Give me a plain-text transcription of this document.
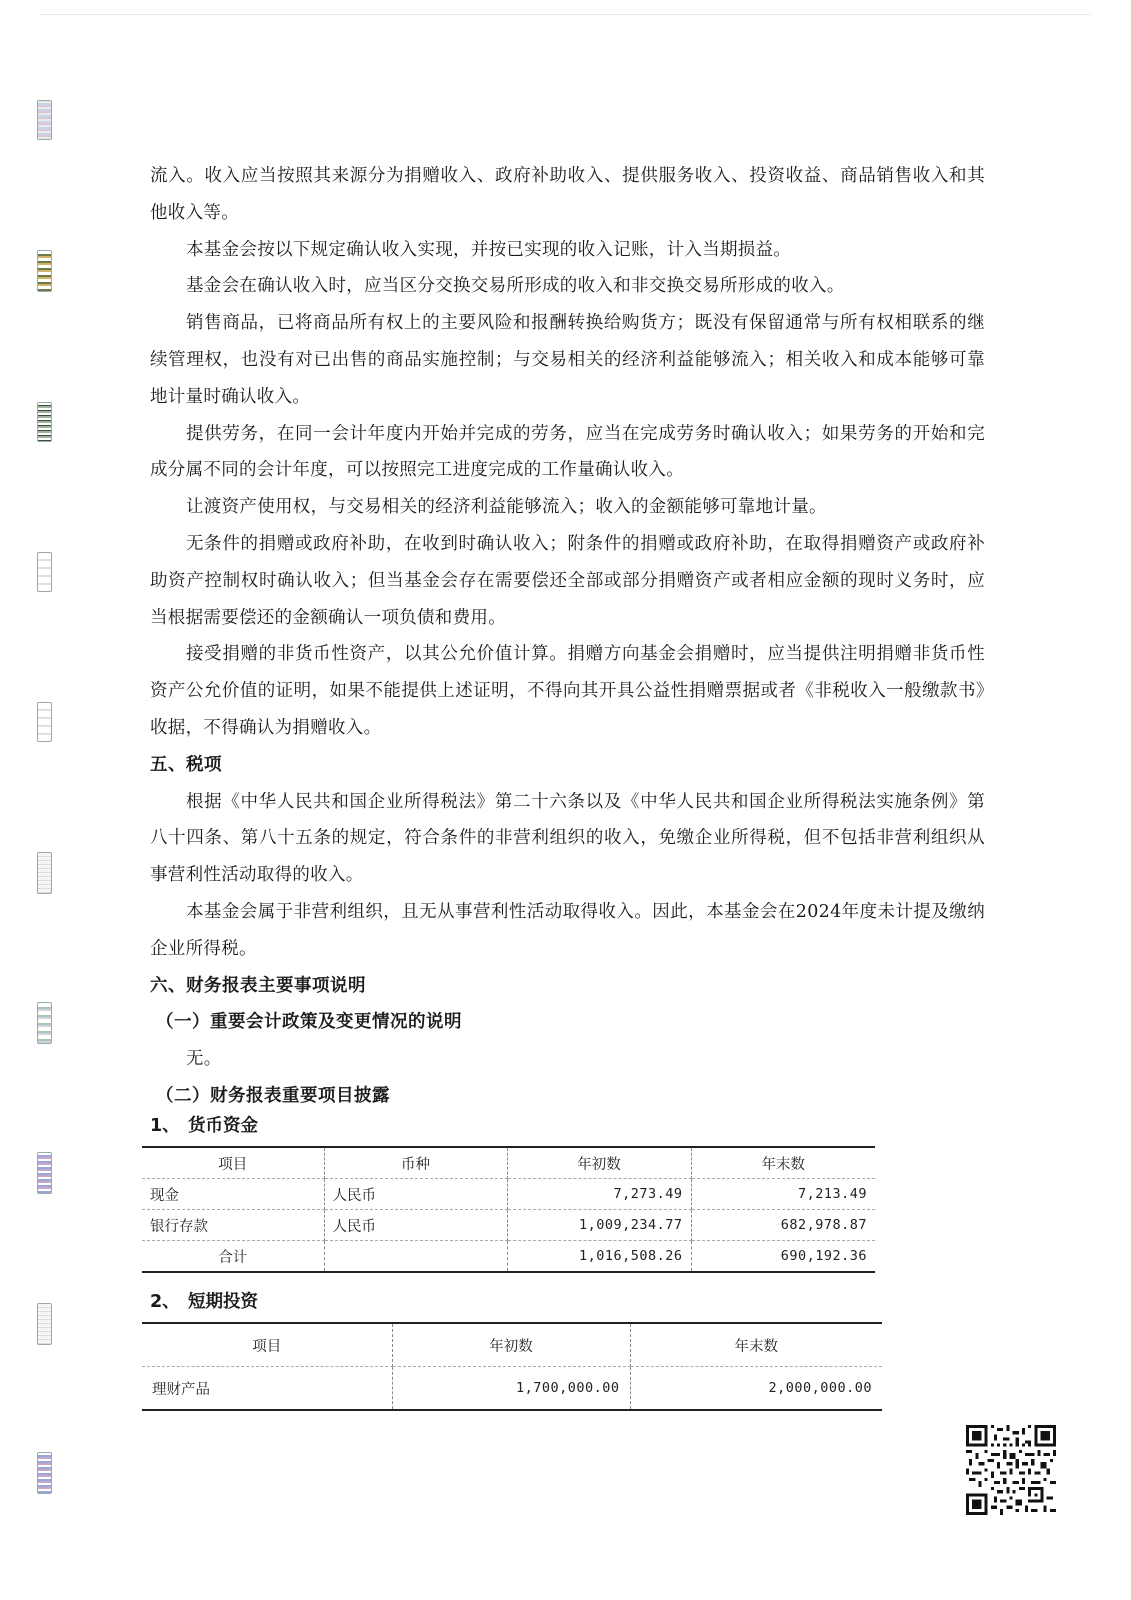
流入。收入应当按照其来源分为捐赠收入、政府补助收入、提供服务收入、投资收益、商品销售收入和其他收入等。

本基金会按以下规定确认收入实现，并按已实现的收入记账，计入当期损益。

基金会在确认收入时，应当区分交换交易所形成的收入和非交换交易所形成的收入。

销售商品，已将商品所有权上的主要风险和报酬转换给购货方；既没有保留通常与所有权相联系的继续管理权，也没有对已出售的商品实施控制；与交易相关的经济利益能够流入；相关收入和成本能够可靠地计量时确认收入。

提供劳务，在同一会计年度内开始并完成的劳务，应当在完成劳务时确认收入；如果劳务的开始和完成分属不同的会计年度，可以按照完工进度完成的工作量确认收入。

让渡资产使用权，与交易相关的经济利益能够流入；收入的金额能够可靠地计量。

无条件的捐赠或政府补助，在收到时确认收入；附条件的捐赠或政府补助，在取得捐赠资产或政府补助资产控制权时确认收入；但当基金会存在需要偿还全部或部分捐赠资产或者相应金额的现时义务时，应当根据需要偿还的金额确认一项负债和费用。

接受捐赠的非货币性资产，以其公允价值计算。捐赠方向基金会捐赠时，应当提供注明捐赠非货币性资产公允价值的证明，如果不能提供上述证明，不得向其开具公益性捐赠票据或者《非税收入一般缴款书》收据，不得确认为捐赠收入。

五、税项

根据《中华人民共和国企业所得税法》第二十六条以及《中华人民共和国企业所得税法实施条例》第八十四条、第八十五条的规定，符合条件的非营利组织的收入，免缴企业所得税，但不包括非营利组织从事营利性活动取得的收入。

本基金会属于非营利组织，且无从事营利性活动取得收入。因此，本基金会在2024年度未计提及缴纳企业所得税。

六、财务报表主要事项说明

（一）重要会计政策及变更情况的说明

无。

（二）财务报表重要项目披露

1、 货币资金

项目	币种	年初数	年末数
现金	人民币	7,273.49	7,213.49
银行存款	人民币	1,009,234.77	682,978.87
合计		1,016,508.26	690,192.36

2、 短期投资

项目	年初数	年末数
理财产品	1,700,000.00	2,000,000.00
